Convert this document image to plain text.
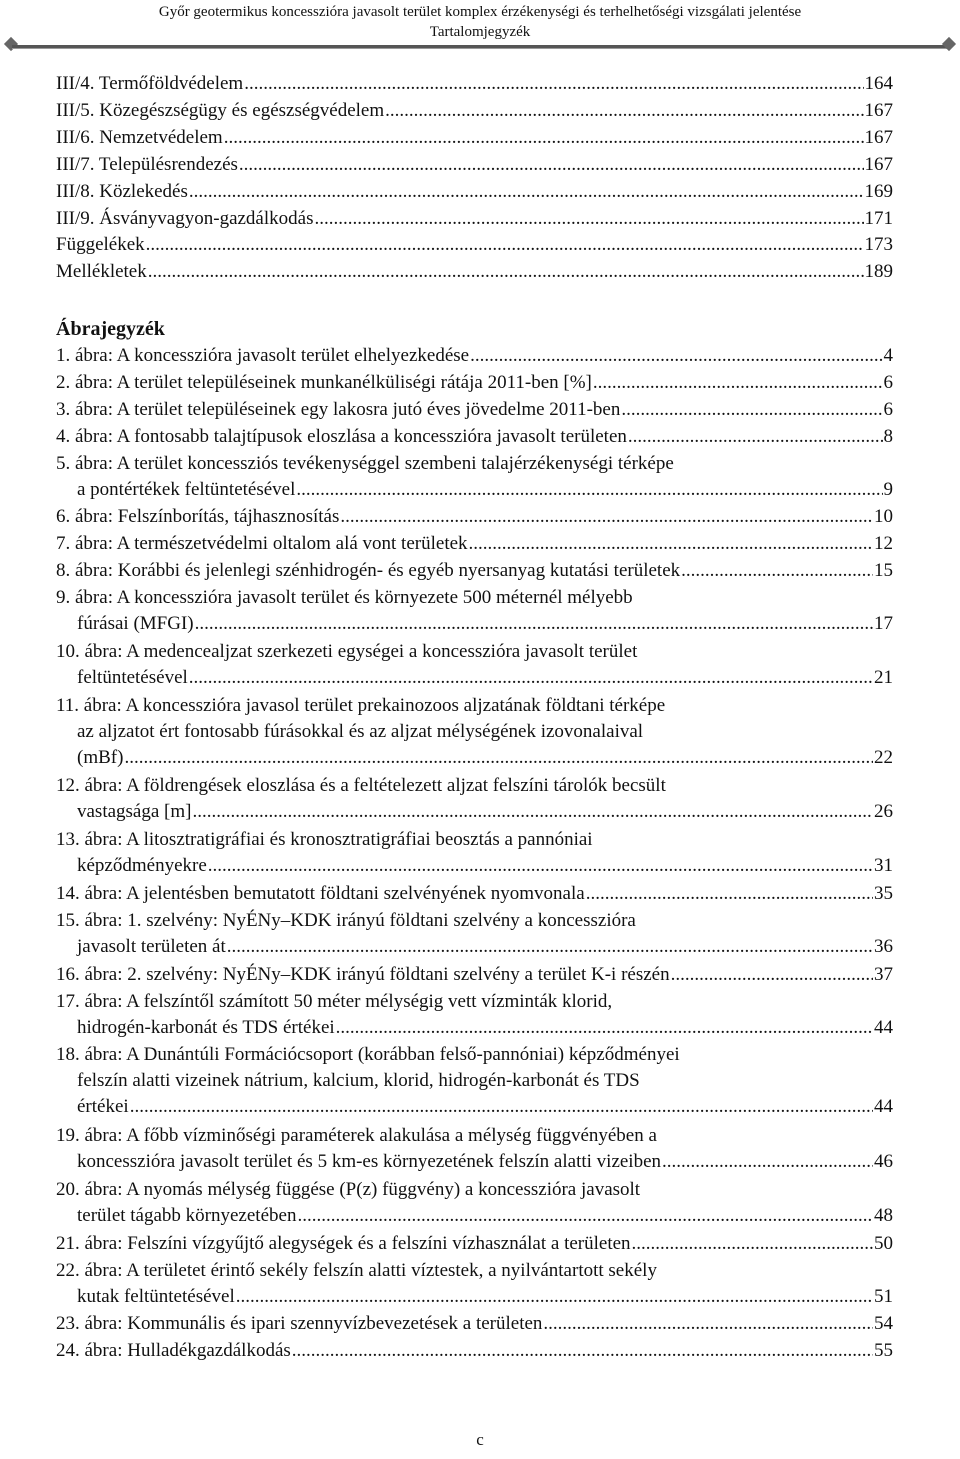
Győr geotermikus koncesszióra javasolt terület komplex érzékenységi és terhelhetőségi vizsgálati jelentése
Tartalomjegyzék
III/4. Termőföldvédelem .....	164
III/5. Közegészségügy és egészségvédelem .....	167
III/6. Nemzetvédelem .....	167
III/7. Településrendezés .....	167
III/8. Közlekedés .....	169
III/9. Ásványvagyon-gazdálkodás .....	171
Függelékek .....	173
Mellékletek .....	189
1. ábra: A koncesszióra javasolt terület elhelyezkedése .....	4
2. ábra: A terület településeinek munkanélküliségi rátája 2011-ben [%] .....	6
3. ábra: A terület településeinek egy lakosra jutó éves jövedelme 2011-ben .....	6
4. ábra: A fontosabb talajtípusok eloszlása a koncesszióra javasolt területen .....	8
5. ábra: A terület koncessziós tevékenységgel szembeni talajérzékenységi térképe
a pontértékek feltüntetésével .....	9
6. ábra: Felszínborítás, tájhasznosítás .....	10
7. ábra: A természetvédelmi oltalom alá vont területek .....	12
8. ábra: Korábbi és jelenlegi szénhidrogén- és egyéb nyersanyag kutatási területek .....	15
9. ábra: A koncesszióra javasolt terület és környezete 500 méternél mélyebb
fúrásai (MFGI) .....	17
10. ábra: A medencealjzat szerkezeti egységei a koncesszióra javasolt terület
feltüntetésével .....	21
11. ábra: A koncesszióra javasol terület prekainozoos aljzatának földtani térképe
az aljzatot ért fontosabb fúrásokkal és az aljzat mélységének izovonalaival
(mBf) .....	22
12. ábra: A földrengések eloszlása és a feltételezett aljzat felszíni tárolók becsült
vastagsága [m] .....	26
13. ábra: A litosztratigráfiai és kronosztratigráfiai beosztás a pannóniai
képződményekre .....	31
14. ábra: A jelentésben bemutatott földtani szelvényének nyomvonala .....	35
15. ábra: 1. szelvény: NyÉNy–KDK irányú földtani szelvény a koncesszióra
javasolt területen át .....	36
16. ábra: 2. szelvény: NyÉNy–KDK irányú földtani szelvény a terület K-i részén .....	37
17. ábra: A felszíntől számított 50 méter mélységig vett vízminták klorid,
hidrogén-karbonát és TDS értékei .....	44
18. ábra: A Dunántúli Formációcsoport (korábban felső-pannóniai) képződményei
felszín alatti vizeinek nátrium, kalcium, klorid, hidrogén-karbonát és TDS
értékei .....	44
19. ábra: A főbb vízminőségi paraméterek alakulása a mélység függvényében a
koncesszióra javasolt terület és 5 km-es környezetének felszín alatti vizeiben .....	46
20. ábra: A nyomás mélység függése (P(z) függvény) a koncesszióra javasolt
terület tágabb környezetében .....	48
21. ábra: Felszíni vízgyűjtő alegységek és a felszíni vízhasználat a területen .....	50
22. ábra: A területet érintő sekély felszín alatti víztestek, a nyilvántartott sekély
kutak feltüntetésével .....	51
23. ábra: Kommunális és ipari szennyvízbevezetések a területen .....	54
24. ábra: Hulladékgazdálkodás .....	55
Ábrajegyzék
c
